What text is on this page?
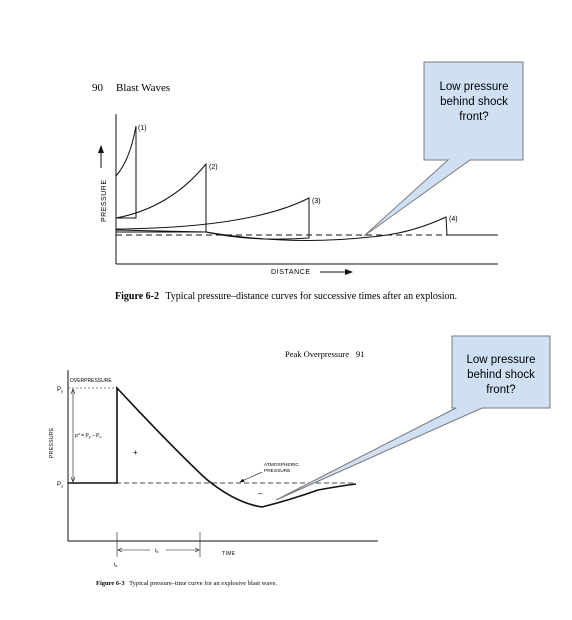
90 Blast Waves
PRESSURE
(1)
(2)
(3)
(4)
DISTANCE
Figure 6-2 Typical pressure–distance curves for successive times after an explosion.
Low pressure
behind shock
front?
Peak Overpressure 91
PRESSURE
OVERPRESSURE
$P_y$
$P_o$
$p^0 = P_y - P_o$
+
–
ATMOSPHERIC
PRESSURE
$t_d$
$t_a$
TIME
Figure 6-3 Typical pressure–time curve for an explosive blast wave.
Low pressure
behind shock
front?
